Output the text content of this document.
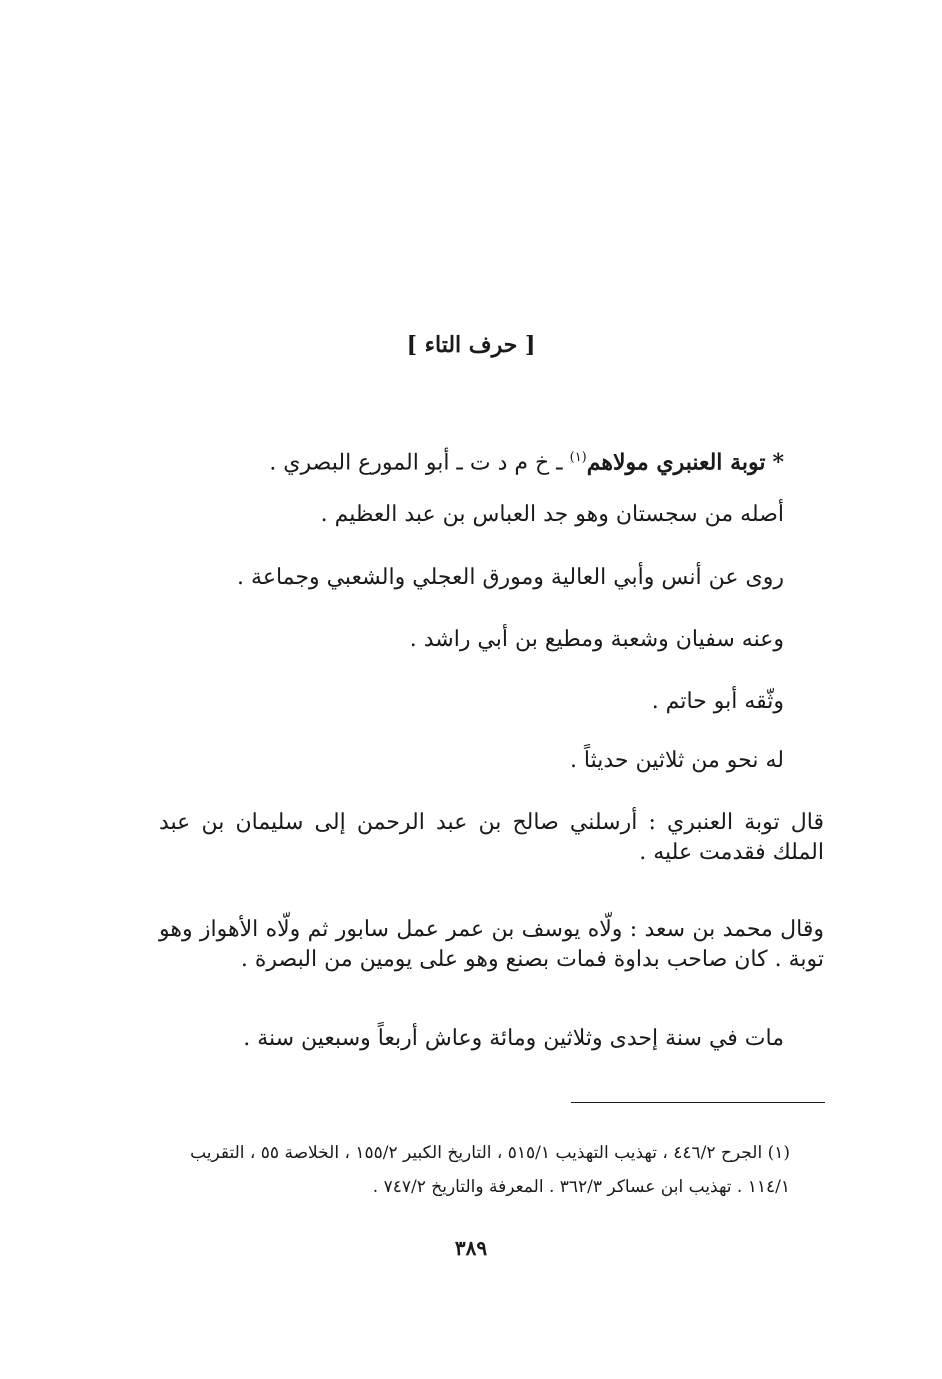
[ حرف التاء ]
* توبة العنبري مولاهم$^{(١)}$ ـ خ م د ت ـ أبو المورع البصري .
أصله من سجستان وهو جد العباس بن عبد العظيم .
روى عن أنس وأبي العالية ومورق العجلي والشعبي وجماعة .
وعنه سفيان وشعبة ومطيع بن أبي راشد .
وثّقه أبو حاتم .
له نحو من ثلاثين حديثاً .
قال توبة العنبري : أرسلني صالح بن عبد الرحمن إلى سليمان بن عبد الملك فقدمت عليه .
وقال محمد بن سعد : ولّاه يوسف بن عمر عمل سابور ثم ولّاه الأهواز وهو توبة . كان صاحب بداوة فمات بصنع وهو على يومين من البصرة .
مات في سنة إحدى وثلاثين ومائة وعاش أربعاً وسبعين سنة .
(١) الجرح ٤٤٦/٢ ، تهذيب التهذيب ٥١٥/١ ، التاريخ الكبير ١٥٥/٢ ، الخلاصة ٥٥ ، التقريب
١١٤/١ . تهذيب ابن عساكر ٣٦٢/٣ . المعرفة والتاريخ ٧٤٧/٢ .
٣٨٩
